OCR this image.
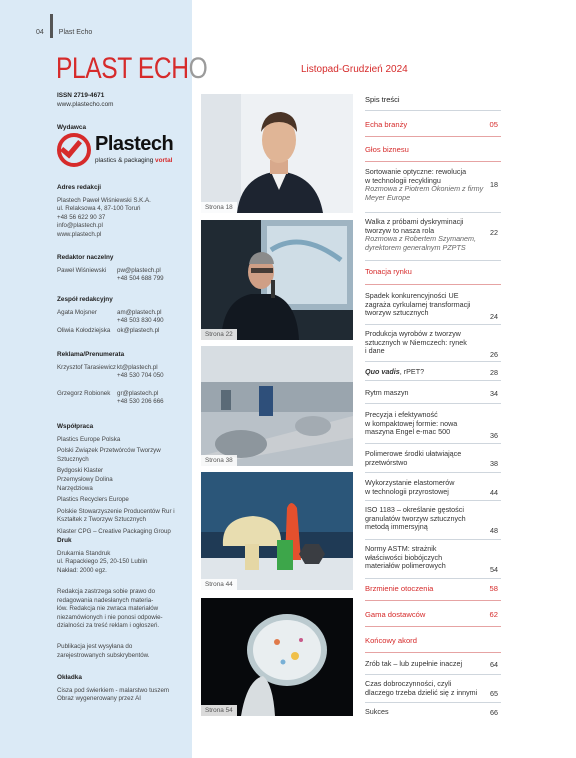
04 Plast Echo
PLAST ECHO
ISSN 2719-4671
www.plastecho.com
Wydawca
Plastech
plastics & packaging vortal
Adres redakcji
Plastech Paweł Wiśniewski S.K.A.
ul. Relaksowa 4, 87-100 Toruń
+48 56 622 90 37
info@plastech.pl
www.plastech.pl
Redaktor naczelny
Paweł Wiśniewski	pw@plastech.pl
+48 504 688 799
Zespół redakcyjny
Agata Mojsner	am@plastech.pl
+48 503 830 490
Oliwia Kołodziejska	ok@plastech.pl
Reklama/Prenumerata
Krzysztof Tarasiewicz kt@plastech.pl
+48 530 704 050
Grzegorz Robionek	gr@plastech.pl
+48 530 206 666
Współpraca
Plastics Europe Polska
Polski Związek Przetwórców Tworzyw Sztucznych
Bydgoski Klaster Przemysłowy Dolina Narzędziowa
Plastics Recyclers Europe
Polskie Stowarzyszenie Producentów Rur i Kształtek z Tworzyw Sztucznych
Klaster CPG – Creative Packaging Group
Druk
Drukarnia Standruk
ul. Rapackiego 25, 20-150 Lublin
Nakład: 2000 egz.
Redakcja zastrzega sobie prawo do
redagowania nadesłanych materia-
łów. Redakcja nie zwraca materiałów
niezamówionych i nie ponosi odpowie-
dzialności za treść reklam i ogłoszeń.
Publikacja jest wysyłana do
zarejestrowanych subskrybentów.
Okładka
Cisza pod świerkiem - malarstwo tuszem
Obraz wygenerowany przez AI
Listopad-Grudzień 2024
Strona 18
Strona 22
Strona 38
Strona 44
Strona 54
Spis treści
Echa branży	05
Głos biznesu
Sortowanie optyczne: rewolucja
w technologii recyklingu
Rozmowa z Piotrem Okoniem z firmy
Meyer Europe
18
Walka z próbami dyskryminacji
tworzyw to nasza rola
Rozmowa z Robertem Szymanem,
dyrektorem generalnym PZPTS
22
Tonacja rynku
Spadek konkurencyjności UE
zagraża cyrkularnej transformacji
tworzyw sztucznych	24
Produkcja wyrobów z tworzyw
sztucznych w Niemczech: rynek
i dane	26
Quo vadis, rPET?	28
Rytm maszyn	34
Precyzja i efektywność
w kompaktowej formie: nowa
maszyna Engel e-mac 500	36
Polimerowe środki ułatwiające
przetwórstwo	38
Wykorzystanie elastomerów
w technologii przyrostowej	44
ISO 1183 – określanie gęstości
granulatów tworzyw sztucznych
metodą immersyjną	48
Normy ASTM: strażnik
właściwości biobójczych
materiałów polimerowych	54
Brzmienie otoczenia	58
Gama dostawców	62
Końcowy akord
Zrób tak – lub zupełnie inaczej	64
Czas dobroczynności, czyli
dlaczego trzeba dzielić się z innymi	65
Sukces	66
